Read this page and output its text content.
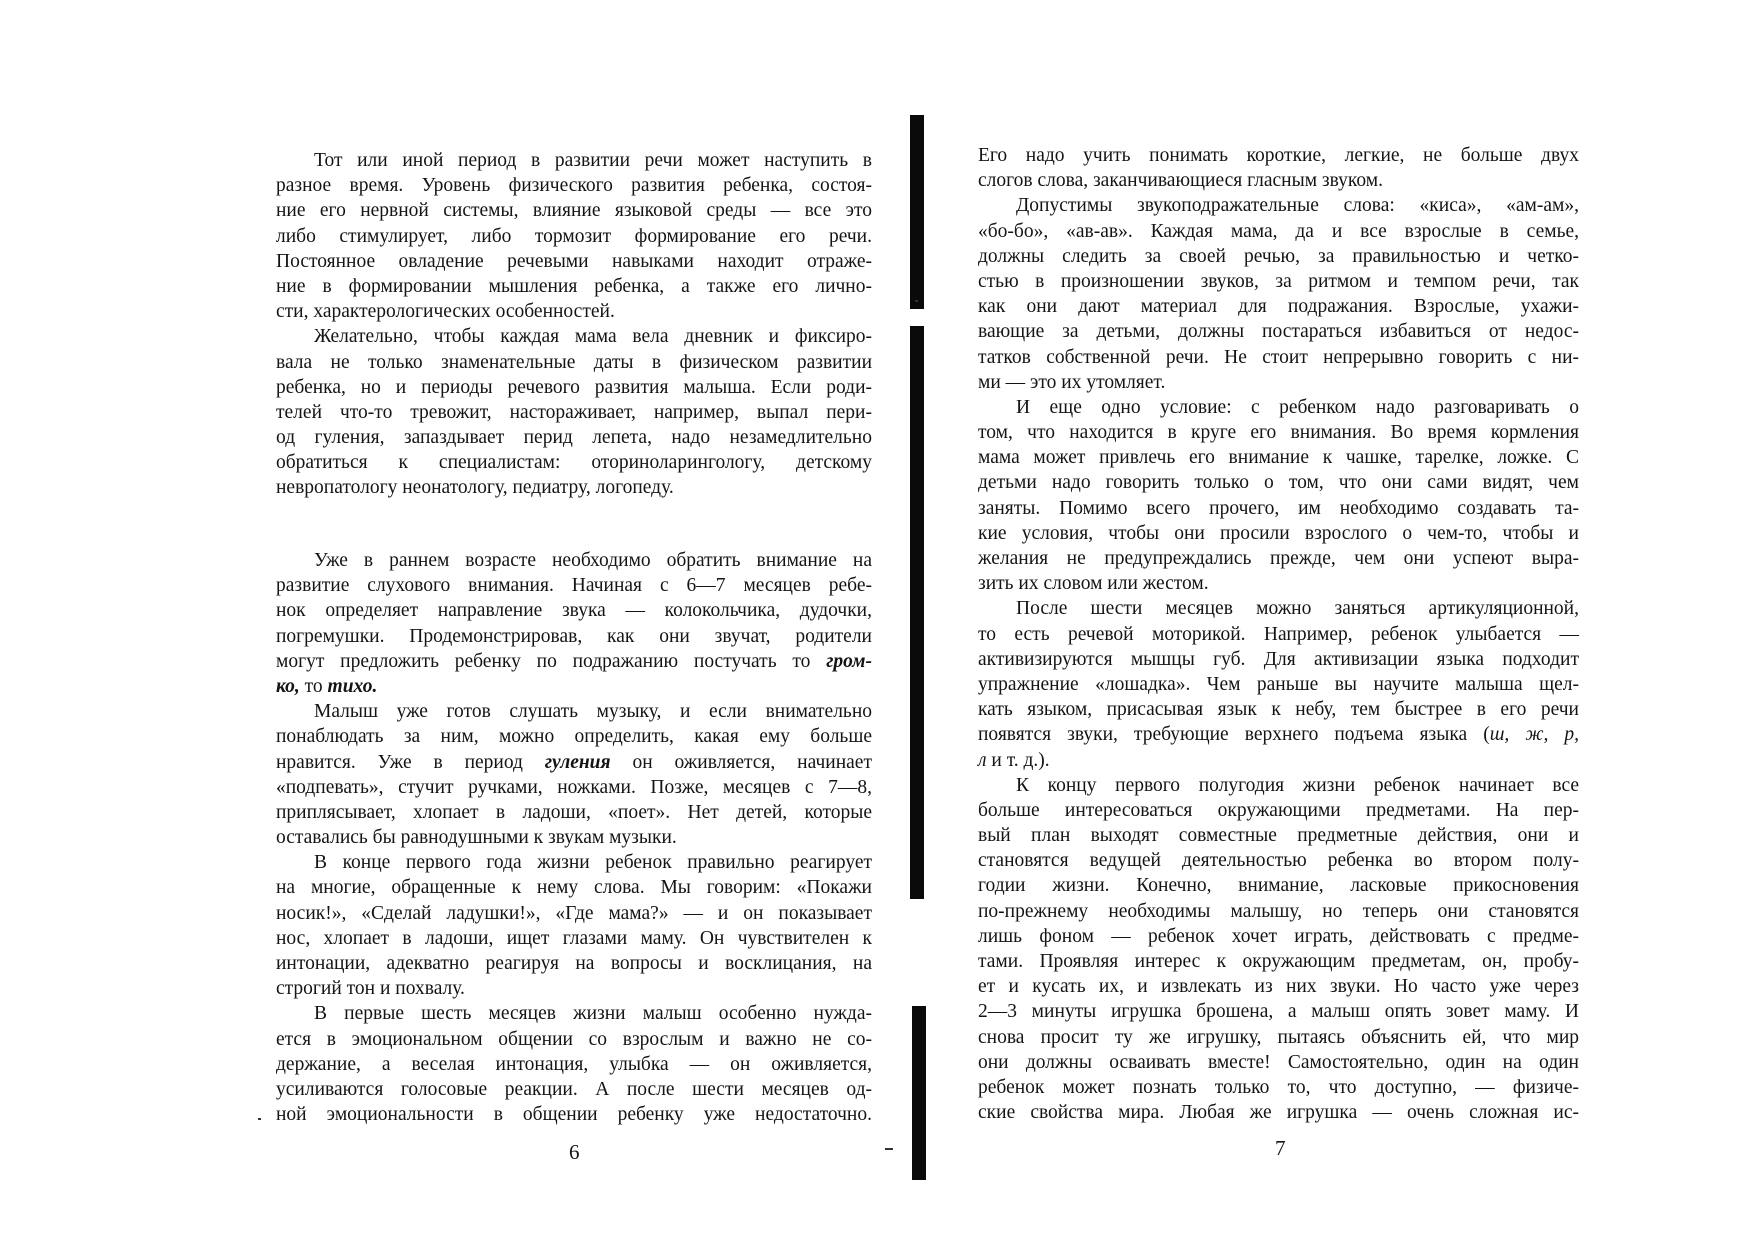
Тот или иной период в развитии речи может наступить в
разное время. Уровень физического развития ребенка, состоя-
ние его нервной системы, влияние языковой среды — все это
либо стимулирует, либо тормозит формирование его речи.
Постоянное овладение речевыми навыками находит отраже-
ние в формировании мышления ребенка, а также его лично-
сти, характерологических особенностей.
Желательно, чтобы каждая мама вела дневник и фиксиро-
вала не только знаменательные даты в физическом развитии
ребенка, но и периоды речевого развития малыша. Если роди-
телей что-то тревожит, настораживает, например, выпал пери-
од гуления, запаздывает перид лепета, надо незамедлительно
обратиться к специалистам: оториноларингологу, детскому
невропатологу неонатологу, педиатру, логопеду.
Уже в раннем возрасте необходимо обратить внимание на
развитие слухового внимания. Начиная с 6—7 месяцев ребе-
нок определяет направление звука — колокольчика, дудочки,
погремушки. Продемонстрировав, как они звучат, родители
могут предложить ребенку по подражанию постучать то гром-
ко, то тихо.
Малыш уже готов слушать музыку, и если внимательно
понаблюдать за ним, можно определить, какая ему больше
нравится. Уже в период гуления он оживляется, начинает
«подпевать», стучит ручками, ножками. Позже, месяцев с 7—8,
приплясывает, хлопает в ладоши, «поет». Нет детей, которые
оставались бы равнодушными к звукам музыки.
В конце первого года жизни ребенок правильно реагирует
на многие, обращенные к нему слова. Мы говорим: «Покажи
носик!», «Сделай ладушки!», «Где мама?» — и он показывает
нос, хлопает в ладоши, ищет глазами маму. Он чувствителен к
интонации, адекватно реагируя на вопросы и восклицания, на
строгий тон и похвалу.
В первые шесть месяцев жизни малыш особенно нужда-
ется в эмоциональном общении со взрослым и важно не со-
держание, а веселая интонация, улыбка — он оживляется,
усиливаются голосовые реакции. А после шести месяцев од-
ной эмоциональности в общении ребенку уже недостаточно.
Его надо учить понимать короткие, легкие, не больше двух
слогов слова, заканчивающиеся гласным звуком.
Допустимы звукоподражательные слова: «киса», «ам-ам»,
«бо-бо», «ав-ав». Каждая мама, да и все взрослые в семье,
должны следить за своей речью, за правильностью и четко-
стью в произношении звуков, за ритмом и темпом речи, так
как они дают материал для подражания. Взрослые, ухажи-
вающие за детьми, должны постараться избавиться от недос-
татков собственной речи. Не стоит непрерывно говорить с ни-
ми — это их утомляет.
И еще одно условие: с ребенком надо разговаривать о
том, что находится в круге его внимания. Во время кормления
мама может привлечь его внимание к чашке, тарелке, ложке. С
детьми надо говорить только о том, что они сами видят, чем
заняты. Помимо всего прочего, им необходимо создавать та-
кие условия, чтобы они просили взрослого о чем-то, чтобы и
желания не предупреждались прежде, чем они успеют выра-
зить их словом или жестом.
После шести месяцев можно заняться артикуляционной,
то есть речевой моторикой. Например, ребенок улыбается —
активизируются мышцы губ. Для активизации языка подходит
упражнение «лошадка». Чем раньше вы научите малыша щел-
кать языком, присасывая язык к небу, тем быстрее в его речи
появятся звуки, требующие верхнего подъема языка (ш, ж, р,
л и т. д.).
К концу первого полугодия жизни ребенок начинает все
больше интересоваться окружающими предметами. На пер-
вый план выходят совместные предметные действия, они и
становятся ведущей деятельностью ребенка во втором полу-
годии жизни. Конечно, внимание, ласковые прикосновения
по-прежнему необходимы малышу, но теперь они становятся
лишь фоном — ребенок хочет играть, действовать с предме-
тами. Проявляя интерес к окружающим предметам, он, пробу-
ет и кусать их, и извлекать из них звуки. Но часто уже через
2—3 минуты игрушка брошена, а малыш опять зовет маму. И
снова просит ту же игрушку, пытаясь объяснить ей, что мир
они должны осваивать вместе! Самостоятельно, один на один
ребенок может познать только то, что доступно, — физиче-
ские свойства мира. Любая же игрушка — очень сложная ис-
6	7
